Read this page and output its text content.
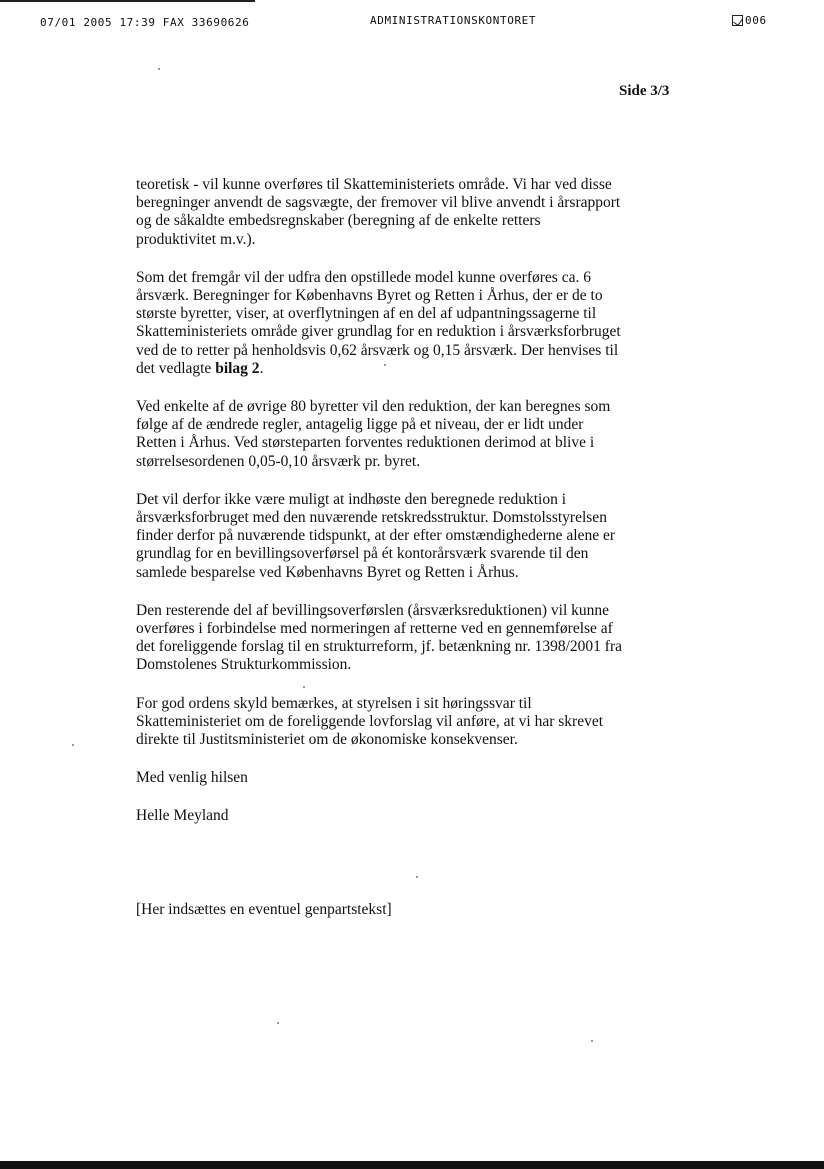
07/01 2005 17:39 FAX 33690626	ADMINISTRATIONSKONTORET	006
Side 3/3

teoretisk - vil kunne overføres til Skatteministeriets område. Vi har ved disse beregninger anvendt de sagsvægte, der fremover vil blive anvendt i årsrapport og de såkaldte embedsregnskaber (beregning af de enkelte retters produktivitet m.v.).

Som det fremgår vil der udfra den opstillede model kunne overføres ca. 6 årsværk. Beregninger for Københavns Byret og Retten i Århus, der er de to største byretter, viser, at overflytningen af en del af udpantningssagerne til Skatteministeriets område giver grundlag for en reduktion i årsværksforbruget ved de to retter på henholdsvis 0,62 årsværk og 0,15 årsværk. Der henvises til det vedlagte bilag 2.

Ved enkelte af de øvrige 80 byretter vil den reduktion, der kan beregnes som følge af de ændrede regler, antagelig ligge på et niveau, der er lidt under Retten i Århus. Ved størsteparten forventes reduktionen derimod at blive i størrelsesordenen 0,05-0,10 årsværk pr. byret.

Det vil derfor ikke være muligt at indhøste den beregnede reduktion i årsværksforbruget med den nuværende retskredsstruktur. Domstolsstyrelsen finder derfor på nuværende tidspunkt, at der efter omstændighederne alene er grundlag for en bevillingsoverførsel på ét kontorårsværk svarende til den samlede besparelse ved Københavns Byret og Retten i Århus.

Den resterende del af bevillingsoverførslen (årsværksreduktionen) vil kunne overføres i forbindelse med normeringen af retterne ved en gennemførelse af det foreliggende forslag til en strukturreform, jf. betænkning nr. 1398/2001 fra Domstolenes Strukturkommission.

For god ordens skyld bemærkes, at styrelsen i sit høringssvar til Skatteministeriet om de foreliggende lovforslag vil anføre, at vi har skrevet direkte til Justitsministeriet om de økonomiske konsekvenser.

Med venlig hilsen

Helle Meyland

[Her indsættes en eventuel genpartstekst]
